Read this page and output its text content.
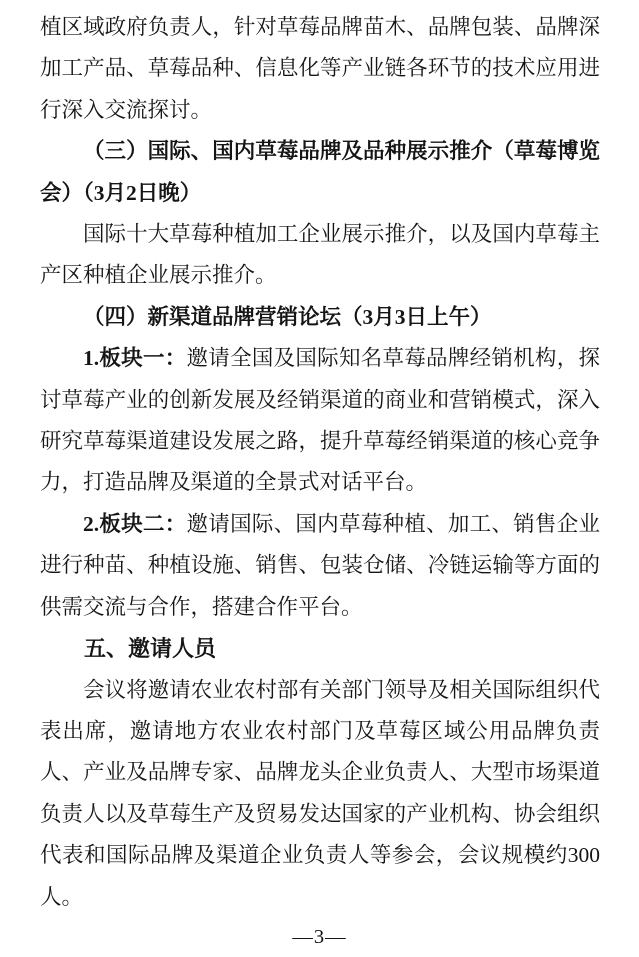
植区域政府负责人，针对草莓品牌苗木、品牌包装、品牌深加工产品、草莓品种、信息化等产业链各环节的技术应用进行深入交流探讨。

（三）国际、国内草莓品牌及品种展示推介（草莓博览会）（3月2日晚）

国际十大草莓种植加工企业展示推介，以及国内草莓主产区种植企业展示推介。

（四）新渠道品牌营销论坛（3月3日上午）

1.板块一：邀请全国及国际知名草莓品牌经销机构，探讨草莓产业的创新发展及经销渠道的商业和营销模式，深入研究草莓渠道建设发展之路，提升草莓经销渠道的核心竞争力，打造品牌及渠道的全景式对话平台。

2.板块二：邀请国际、国内草莓种植、加工、销售企业进行种苗、种植设施、销售、包装仓储、冷链运输等方面的供需交流与合作，搭建合作平台。

五、邀请人员

会议将邀请农业农村部有关部门领导及相关国际组织代表出席，邀请地方农业农村部门及草莓区域公用品牌负责人、产业及品牌专家、品牌龙头企业负责人、大型市场渠道负责人以及草莓生产及贸易发达国家的产业机构、协会组织代表和国际品牌及渠道企业负责人等参会，会议规模约300人。

—3—
